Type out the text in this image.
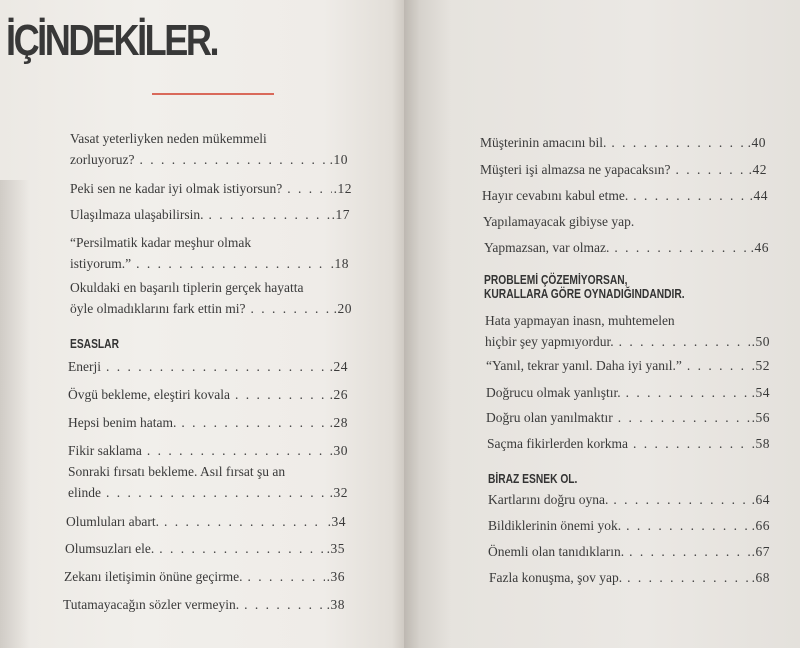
İÇİNDEKİLER.
Vasat yeterliyken neden mükemmeli
zorluyoruz? . . .	.10
Peki sen ne kadar iyi olmak istiyorsun? . . .	.12
Ulaşılmaza ulaşabilirsin. . . .	.17
“Persilmatik kadar meşhur olmak
istiyorum.” . . .	.18
Okuldaki en başarılı tiplerin gerçek hayatta
öyle olmadıklarını fark ettin mi? . . .	.20
ESASLAR
Enerji . . .	.24
Övgü bekleme, eleştiri kovala . . .	.26
Hepsi benim hatam. . . .	.28
Fikir saklama . . .	.30
Sonraki fırsatı bekleme. Asıl fırsat şu an
elinde . . .	.32
Olumluları abart. . . .	.34
Olumsuzları ele. . . .	.35
Zekanı iletişimin önüne geçirme. . . .	.36
Tutamayacağın sözler vermeyin. . . .	.38
Müşterinin amacını bil. . . .	.40
Müşteri işi almazsa ne yapacaksın? . . .	.42
Hayır cevabını kabul etme. . . .	.44
Yapılamayacak gibiyse yap.
Yapmazsan, var olmaz. . . .	.46
PROBLEMİ ÇÖZEMİYORSAN,
KURALLARA GÖRE OYNADIĞINDANDIR.
Hata yapmayan inasn, muhtemelen
hiçbir şey yapmıyordur. . . .	.50
“Yanıl, tekrar yanıl. Daha iyi yanıl.” . . .	.52
Doğrucu olmak yanlıştır. . . .	.54
Doğru olan yanılmaktır . . .	.56
Saçma fikirlerden korkma . . .	.58
BİRAZ ESNEK OL.
Kartlarını doğru oyna. . . .	.64
Bildiklerinin önemi yok. . . .	.66
Önemli olan tanıdıkların. . . .	.67
Fazla konuşma, şov yap. . . .	.68
